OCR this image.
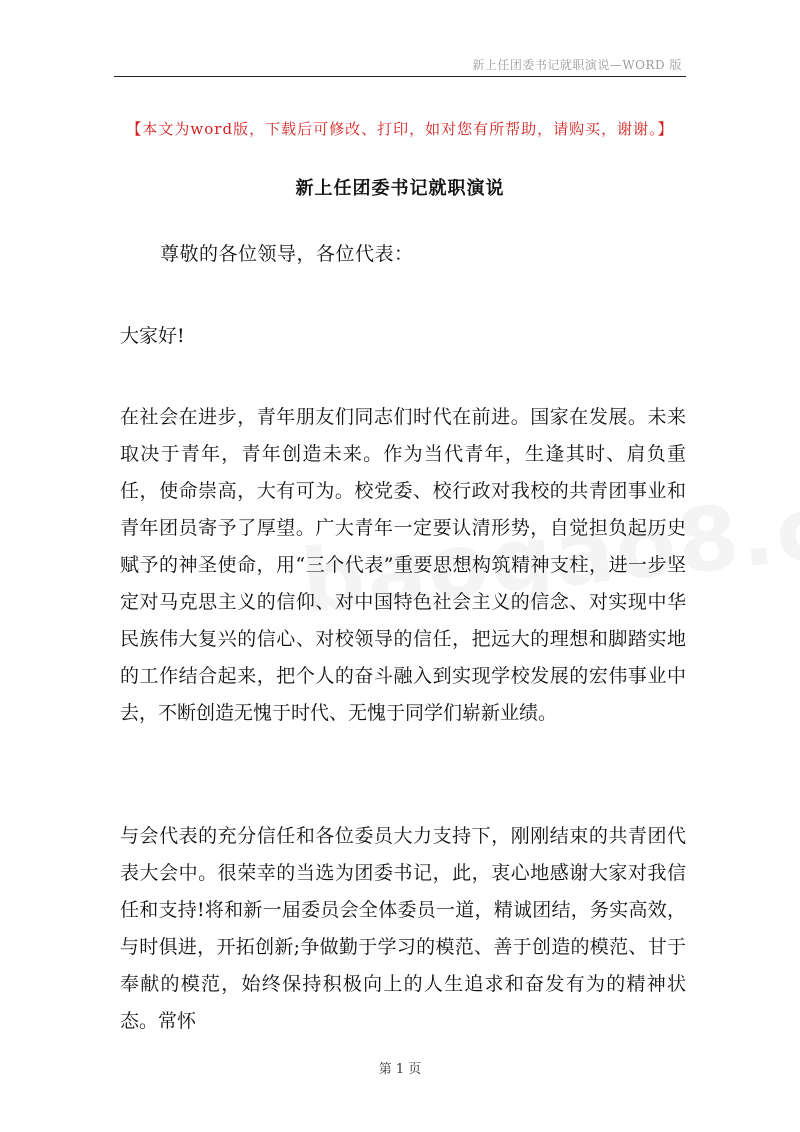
新上任团委书记就职演说—WORD 版
【本文为word版，下载后可修改、打印，如对您有所帮助，请购买，谢谢。】
新上任团委书记就职演说
尊敬的各位领导，各位代表：
大家好!

在社会在进步，青年朋友们同志们时代在前进。国家在发展。未来取决于青年，青年创造未来。作为当代青年，生逢其时、肩负重任，使命崇高，大有可为。校党委、校行政对我校的共青团事业和青年团员寄予了厚望。广大青年一定要认清形势，自觉担负起历史赋予的神圣使命，用“三个代表”重要思想构筑精神支柱，进一步坚定对马克思主义的信仰、对中国特色社会主义的信念、对实现中华民族伟大复兴的信心、对校领导的信任，把远大的理想和脚踏实地的工作结合起来，把个人的奋斗融入到实现学校发展的宏伟事业中去，不断创造无愧于时代、无愧于同学们崭新业绩。

与会代表的充分信任和各位委员大力支持下，刚刚结束的共青团代表大会中。很荣幸的当选为团委书记，此，衷心地感谢大家对我信任和支持!将和新一届委员会全体委员一道，精诚团结，务实高效，与时俱进，开拓创新;争做勤于学习的模范、善于创造的模范、甘于奉献的模范，始终保持积极向上的人生追求和奋发有为的精神状态。常怀

第 1 页
